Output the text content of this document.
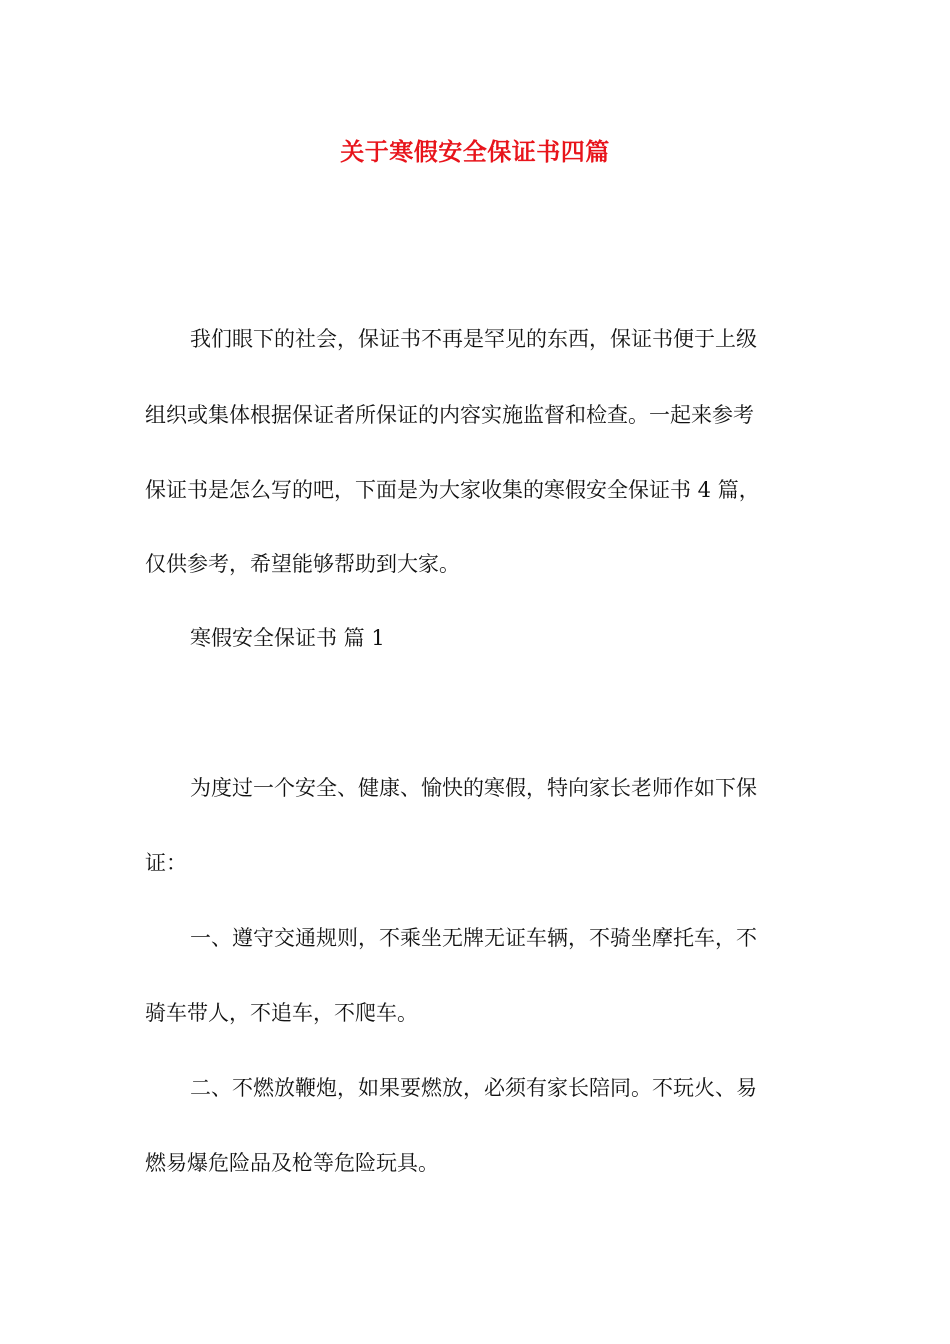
关于寒假安全保证书四篇
我们眼下的社会，保证书不再是罕见的东西，保证书便于上级
组织或集体根据保证者所保证的内容实施监督和检查。一起来参考
保证书是怎么写的吧，下面是为大家收集的寒假安全保证书 4 篇，
仅供参考，希望能够帮助到大家。
寒假安全保证书 篇 1
为度过一个安全、健康、愉快的寒假，特向家长老师作如下保
证：
一、遵守交通规则，不乘坐无牌无证车辆，不骑坐摩托车，不
骑车带人，不追车，不爬车。
二、不燃放鞭炮，如果要燃放，必须有家长陪同。不玩火、易
燃易爆危险品及枪等危险玩具。
